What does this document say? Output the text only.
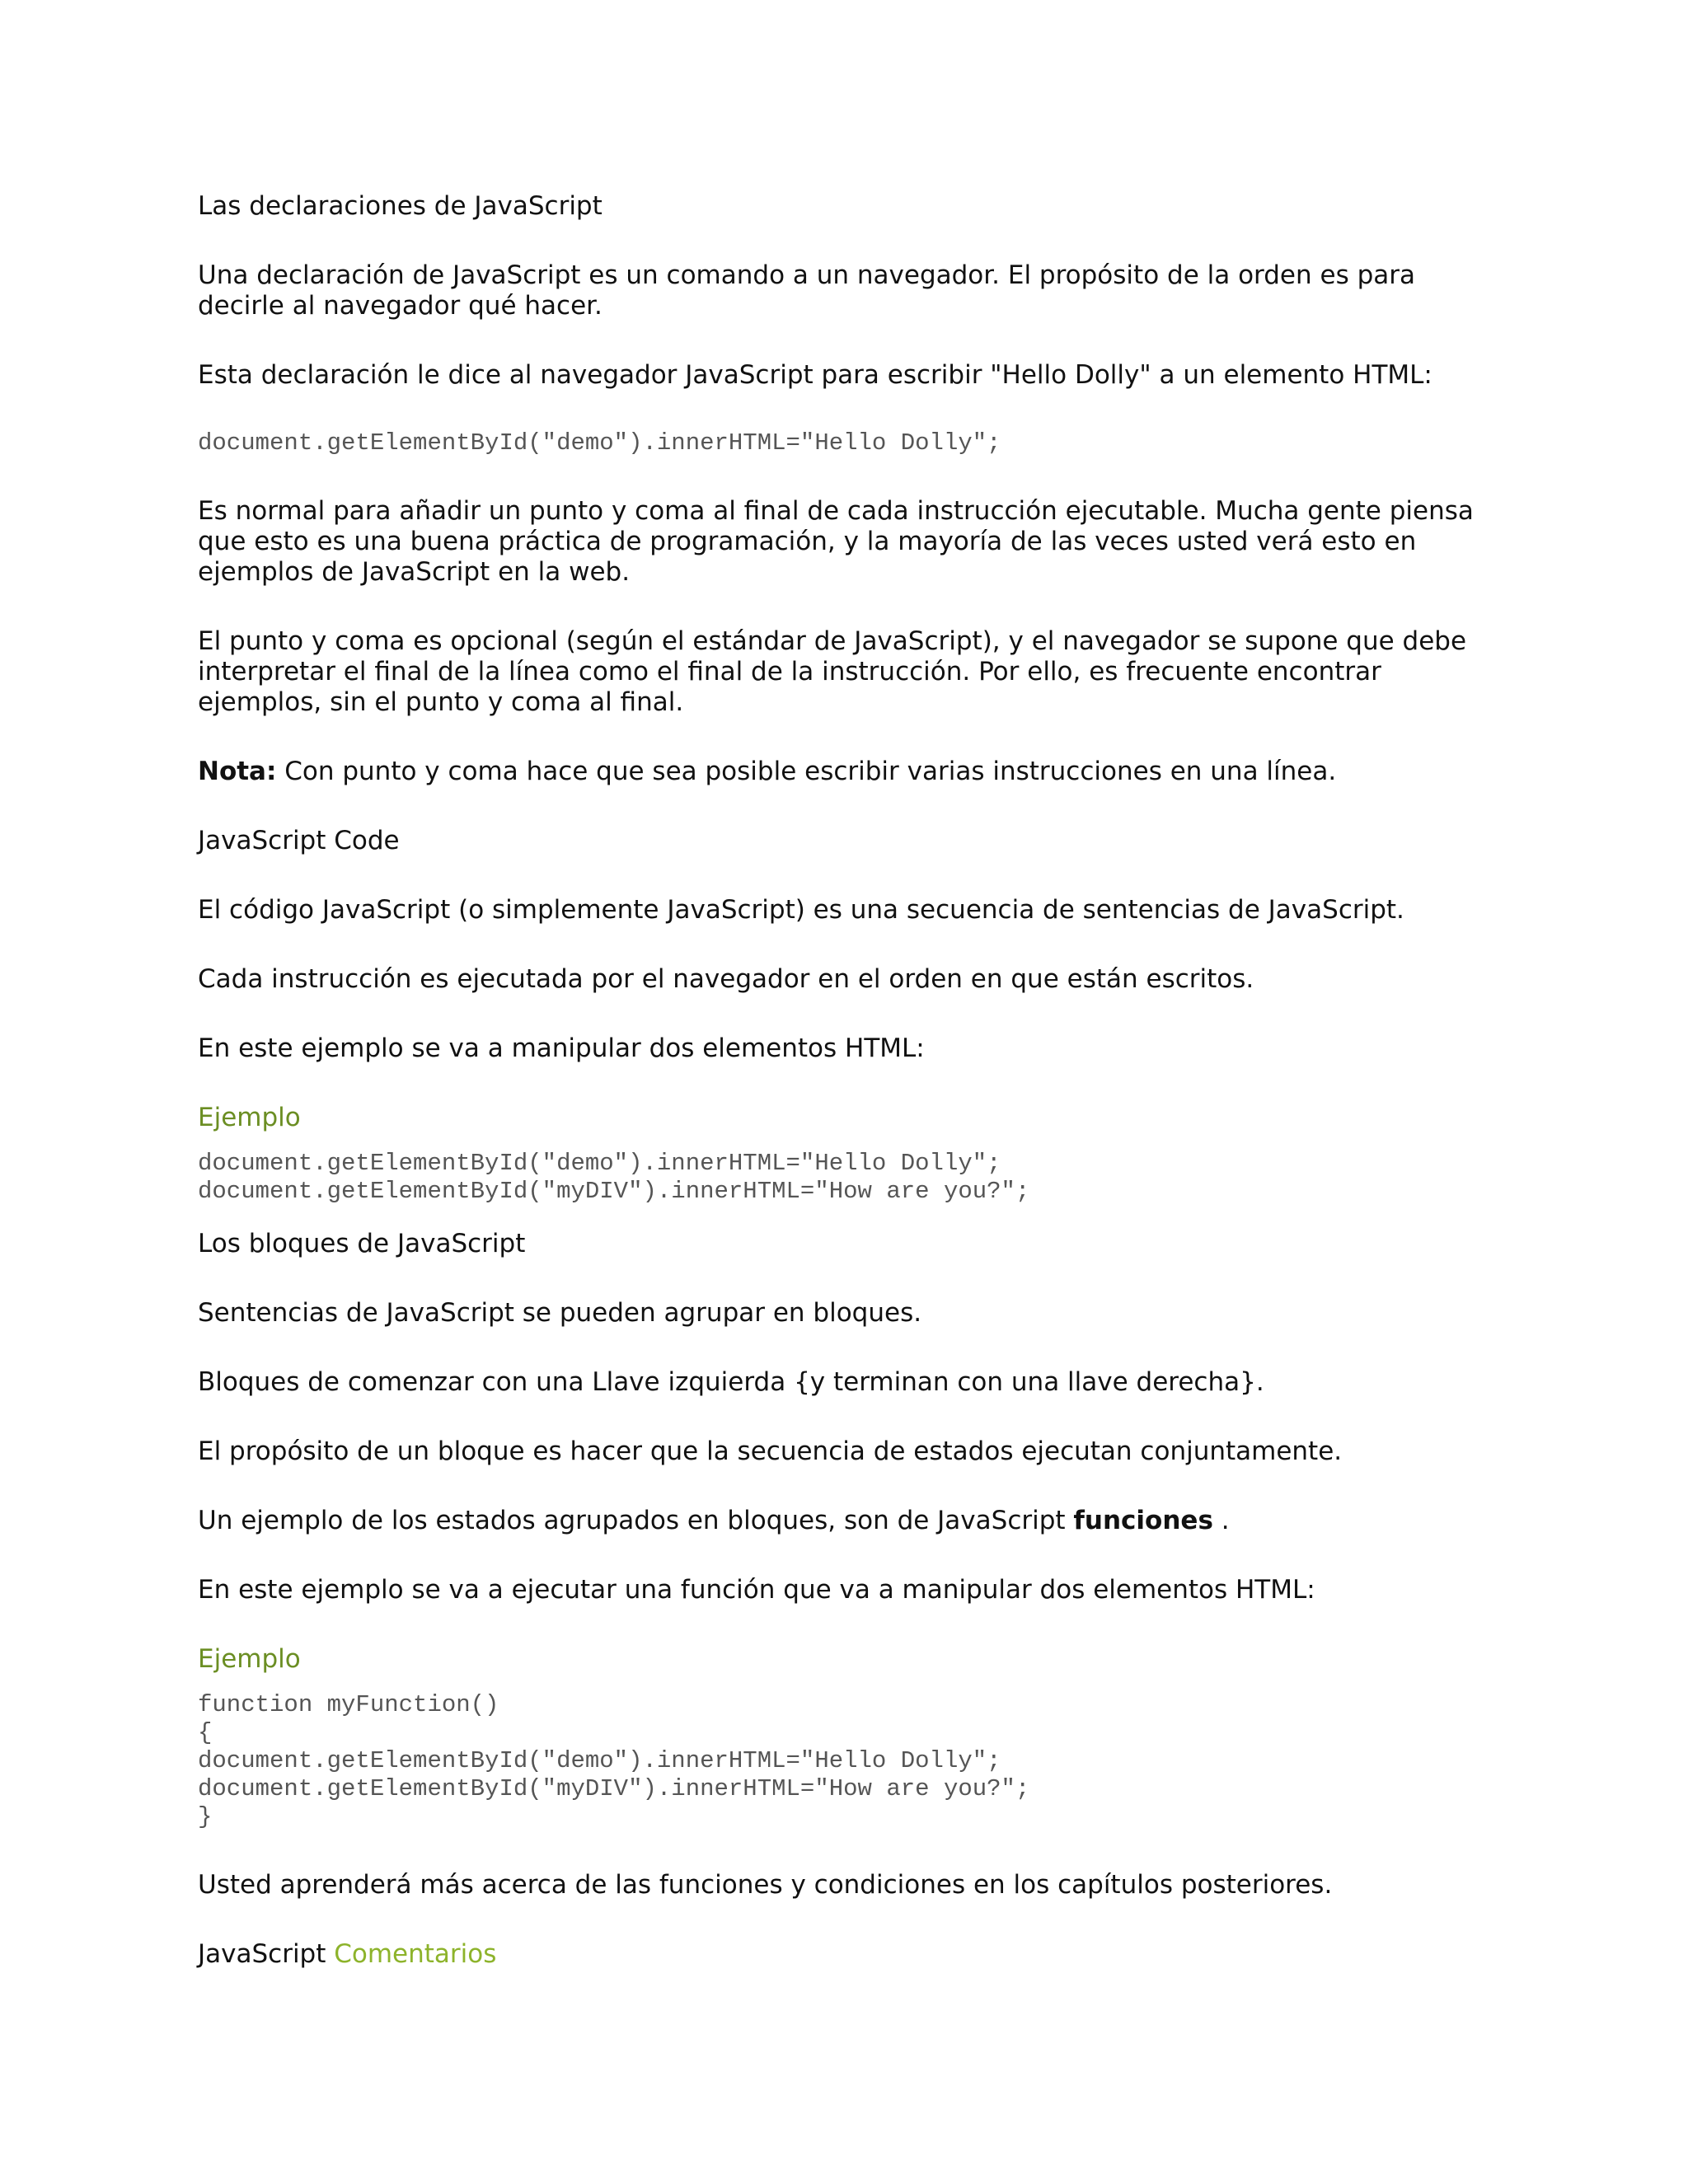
Las declaraciones de JavaScript
Una declaración de JavaScript es un comando a un navegador. El propósito de la orden es para decirle al navegador qué hacer.
Esta declaración le dice al navegador JavaScript para escribir "Hello Dolly" a un elemento HTML:
document.getElementById("demo").innerHTML="Hello Dolly";
Es normal para añadir un punto y coma al final de cada instrucción ejecutable. Mucha gente piensa que esto es una buena práctica de programación, y la mayoría de las veces usted verá esto en ejemplos de JavaScript en la web.
El punto y coma es opcional (según el estándar de JavaScript), y el navegador se supone que debe interpretar el final de la línea como el final de la instrucción. Por ello, es frecuente encontrar ejemplos, sin el punto y coma al final.
Nota: Con punto y coma hace que sea posible escribir varias instrucciones en una línea.
JavaScript Code
El código JavaScript (o simplemente JavaScript) es una secuencia de sentencias de JavaScript.
Cada instrucción es ejecutada por el navegador en el orden en que están escritos.
En este ejemplo se va a manipular dos elementos HTML:
Ejemplo
document.getElementById("demo").innerHTML="Hello Dolly";
document.getElementById("myDIV").innerHTML="How are you?";
Los bloques de JavaScript
Sentencias de JavaScript se pueden agrupar en bloques.
Bloques de comenzar con una Llave izquierda {y terminan con una llave derecha}.
El propósito de un bloque es hacer que la secuencia de estados ejecutan conjuntamente.
Un ejemplo de los estados agrupados en bloques, son de JavaScript funciones .
En este ejemplo se va a ejecutar una función que va a manipular dos elementos HTML:
Ejemplo
function myFunction()
{
document.getElementById("demo").innerHTML="Hello Dolly";
document.getElementById("myDIV").innerHTML="How are you?";
}
Usted aprenderá más acerca de las funciones y condiciones en los capítulos posteriores.
JavaScript Comentarios
